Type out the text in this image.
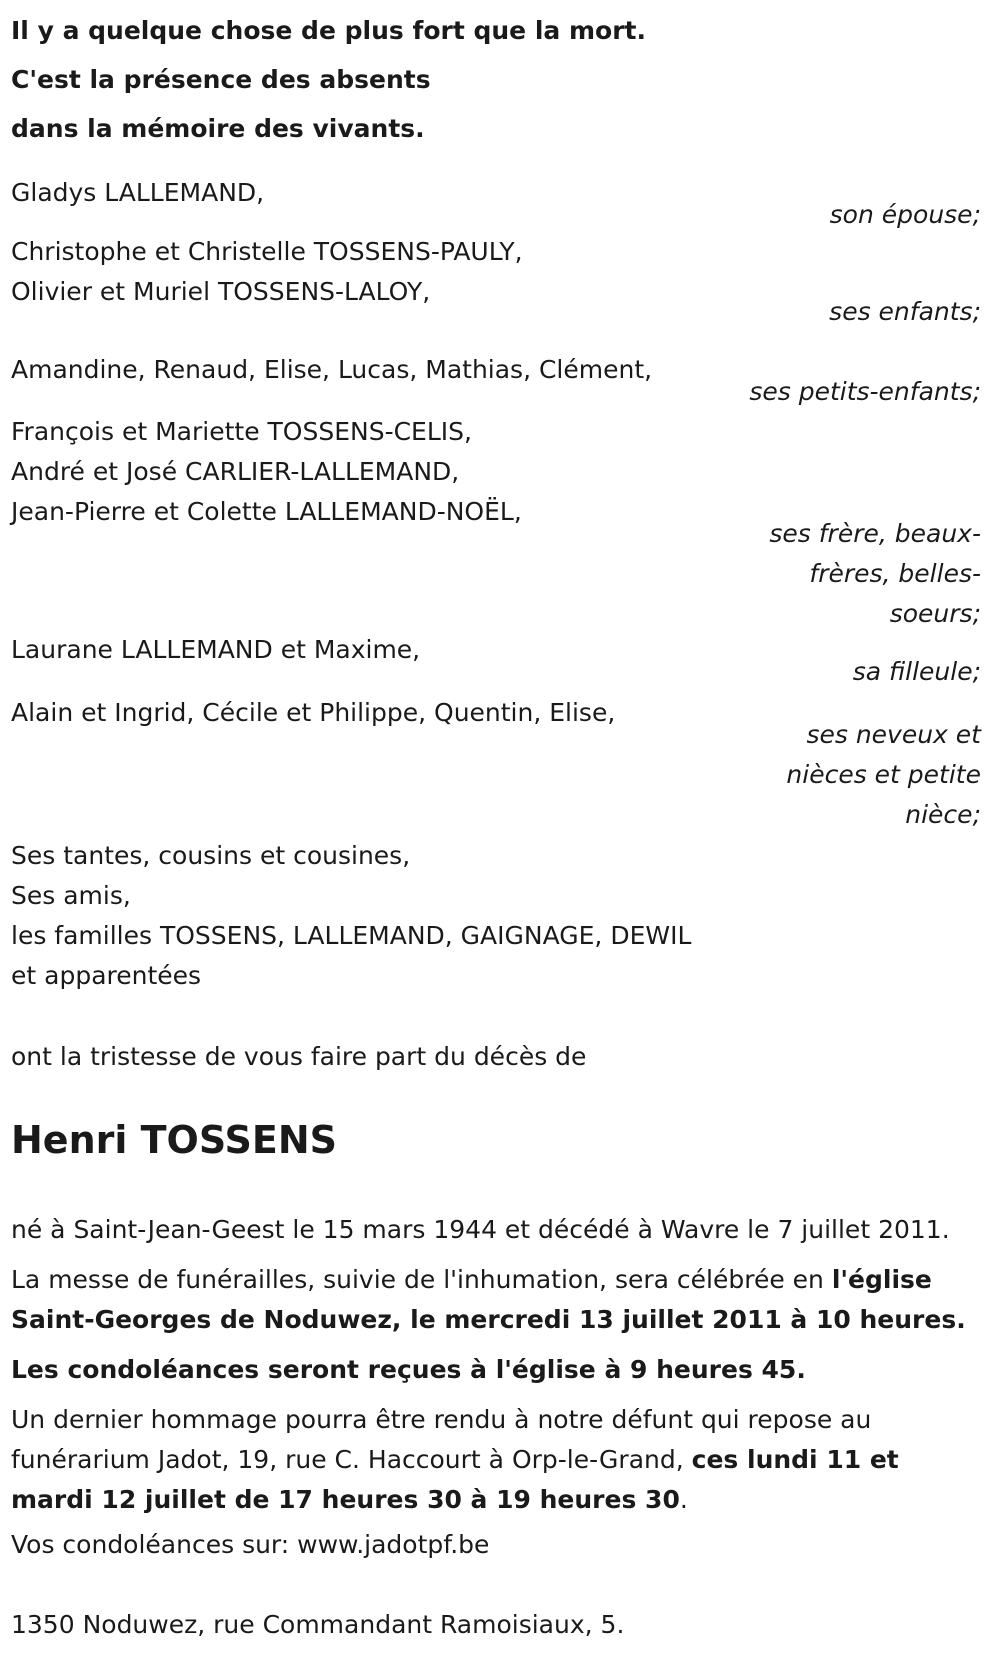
Il y a quelque chose de plus fort que la mort.
C'est la présence des absents
dans la mémoire des vivants.
Gladys LALLEMAND,
son épouse;
Christophe et Christelle TOSSENS-PAULY,
Olivier et Muriel TOSSENS-LALOY,
ses enfants;
Amandine, Renaud, Elise, Lucas, Mathias, Clément,
ses petits-enfants;
François et Mariette TOSSENS-CELIS,
André et José CARLIER-LALLEMAND,
Jean-Pierre et Colette LALLEMAND-NOËL,
ses frère, beaux-
frères, belles-
soeurs;
Laurane LALLEMAND et Maxime,
sa filleule;
Alain et Ingrid, Cécile et Philippe, Quentin, Elise,
ses neveux et
nièces et petite
nièce;
Ses tantes, cousins et cousines,
Ses amis,
les familles TOSSENS, LALLEMAND, GAIGNAGE, DEWIL
et apparentées
ont la tristesse de vous faire part du décès de
Henri TOSSENS
né à Saint-Jean-Geest le 15 mars 1944 et décédé à Wavre le 7 juillet 2011.
La messe de funérailles, suivie de l'inhumation, sera célébrée en l'église Saint-Georges de Noduwez, le mercredi 13 juillet 2011 à 10 heures.
Les condoléances seront reçues à l'église à 9 heures 45.
Un dernier hommage pourra être rendu à notre défunt qui repose au funérarium Jadot, 19, rue C. Haccourt à Orp-le-Grand, ces lundi 11 et mardi 12 juillet de 17 heures 30 à 19 heures 30.
Vos condoléances sur: www.jadotpf.be
1350 Noduwez, rue Commandant Ramoisiaux, 5.
